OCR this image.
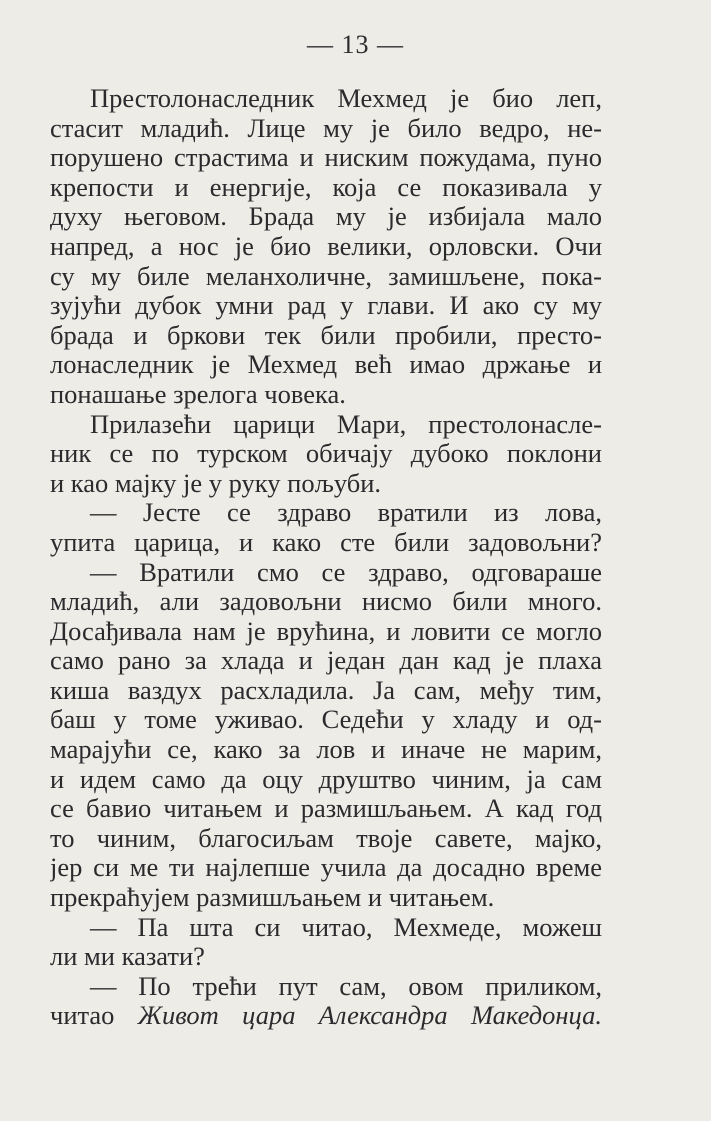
— 13 —
Престолонаследник Мехмед је био леп,
стасит младић. Лице му је било ведро, не-
порушено страстима и ниским пожудама, пуно
крепости и енергије, која се показивала у
духу његовом. Брада му је избијала мало
напред, а нос је био велики, орловски. Очи
су му биле меланхоличне, замишљене, пока-
зујући дубок умни рад у глави. И ако су му
брада и бркови тек били пробили, престо-
лонаследник је Мехмед већ имао држање и
понашање зрелога човека.
Прилазећи царици Мари, престолонасле-
ник се по турском обичају дубоко поклони
и као мајку је у руку пољуби.
— Јесте се здраво вратили из лова,
упита царица, и како сте били задовољни?
— Вратили смо се здраво, одговараше
младић, али задовољни нисмо били много.
Досађивала нам је врућина, и ловити се могло
само рано за хлада и један дан кад је плаха
киша ваздух расхладила. Ја сам, међу тим,
баш у томе уживао. Седећи у хладу и од-
марајући се, како за лов и иначе не марим,
и идем само да оцу друштво чиним, ја сам
се бавио читањем и размишљањем. А кад год
то чиним, благосиљам твоје савете, мајко,
јер си ме ти најлепше учила да досадно време
прекраћујем размишљањем и читањем.
— Па шта си читао, Мехмеде, можеш
ли ми казати?
— По трећи пут сам, овом приликом,
читао Живот цара Александра Македонца.
